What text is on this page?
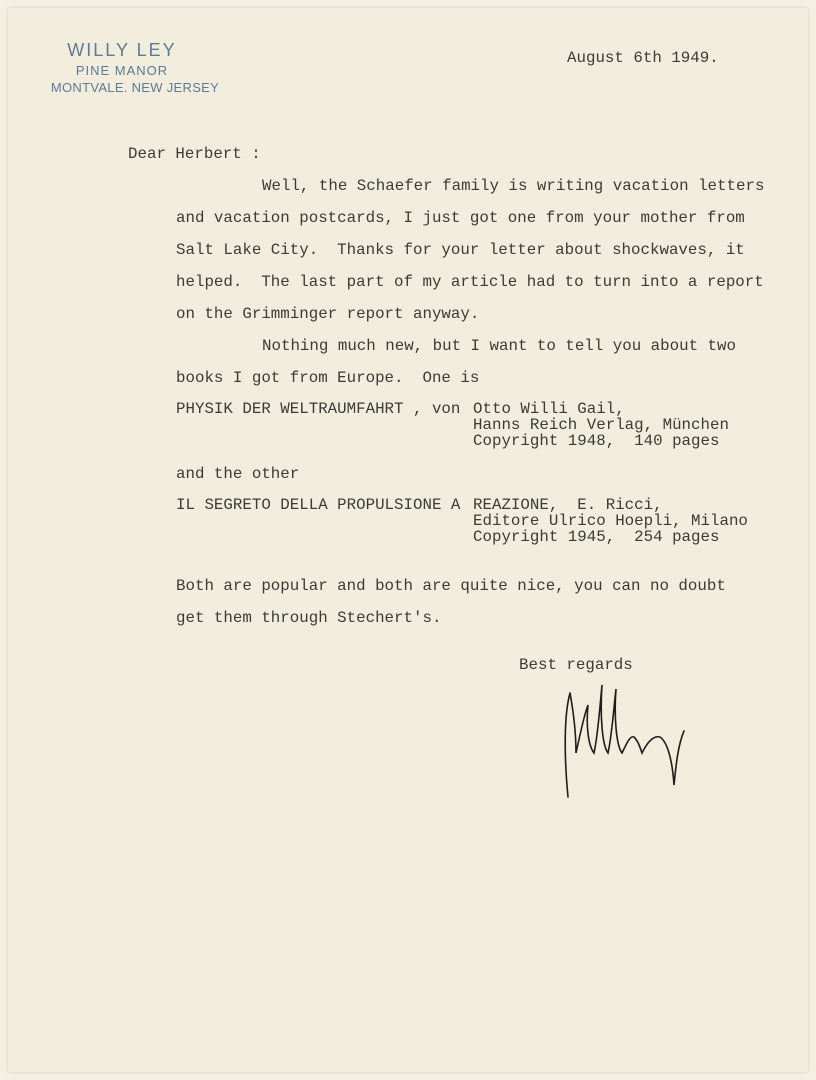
WILLY LEY
PINE MANOR
MONTVALE. NEW JERSEY
August 6th 1949.
Dear Herbert :
Well, the Schaefer family is writing vacation letters
and vacation postcards, I just got one from your mother from
Salt Lake City.  Thanks for your letter about shockwaves, it
helped.  The last part of my article had to turn into a report
on the Grimminger report anyway.
Nothing much new, but I want to tell you about two
books I got from Europe.  One is
PHYSIK DER WELTRAUMFAHRT , von Otto Willi Gail,
Hanns Reich Verlag, München
Copyright 1948,  140 pages
and the other
IL SEGRETO DELLA PROPULSIONE A REAZIONE,  E. Ricci,
Editore Ulrico Hoepli, Milano
Copyright 1945,  254 pages
Both are popular and both are quite nice, you can no doubt
get them through Stechert's.
Best regards
